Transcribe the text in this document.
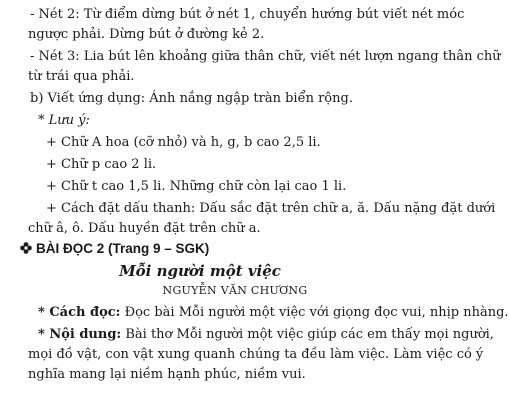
- Nét 2: Từ điểm dừng bút ở nét 1, chuyển hướng bút viết nét móc
ngược phải. Dừng bút ở đường kẻ 2.
- Nét 3: Lia bút lên khoảng giữa thân chữ, viết nét lượn ngang thân chữ
từ trái qua phải.
b) Viết ứng dụng: Ánh nắng ngập tràn biển rộng.
* Lưu ý:
+ Chữ A hoa (cỡ nhỏ) và h, g, b cao 2,5 li.
+ Chữ p cao 2 li.
+ Chữ t cao 1,5 li. Những chữ còn lại cao 1 li.
+ Cách đặt dấu thanh: Dấu sắc đặt trên chữ a, ă. Dấu nặng đặt dưới
chữ â, ô. Dấu huyền đặt trên chữ a.
BÀI ĐỌC 2 (Trang 9 – SGK)
Mỗi người một việc
NGUYỄN VĂN CHƯƠNG
* Cách đọc: Đọc bài Mỗi người một việc với giọng đọc vui, nhịp nhàng.
* Nội dung: Bài thơ Mỗi người một việc giúp các em thấy mọi người,
mọi đồ vật, con vật xung quanh chúng ta đều làm việc. Làm việc có ý
nghĩa mang lại niềm hạnh phúc, niềm vui.
